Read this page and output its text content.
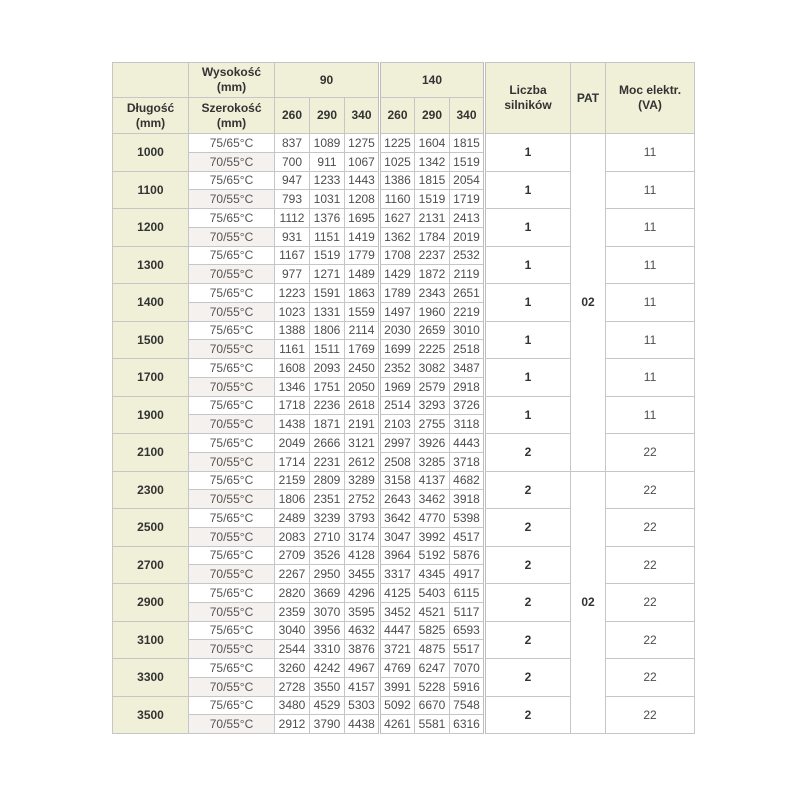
	Wysokość (mm)	90			140			Liczba silników	PAT	Moc elektr. (VA)
Długość (mm)	Szerokość (mm)	260	290	340	260	290	340			
1000	75/65°C	837	1089	1275	1225	1604	1815	1	02	11
	70/55°C	700	911	1067	1025	1342	1519			
1100	75/65°C	947	1233	1443	1386	1815	2054	1		11
	70/55°C	793	1031	1208	1160	1519	1719			
1200	75/65°C	1112	1376	1695	1627	2131	2413	1		11
	70/55°C	931	1151	1419	1362	1784	2019			
1300	75/65°C	1167	1519	1779	1708	2237	2532	1		11
	70/55°C	977	1271	1489	1429	1872	2119			
1400	75/65°C	1223	1591	1863	1789	2343	2651	1		11
	70/55°C	1023	1331	1559	1497	1960	2219			
1500	75/65°C	1388	1806	2114	2030	2659	3010	1		11
	70/55°C	1161	1511	1769	1699	2225	2518			
1700	75/65°C	1608	2093	2450	2352	3082	3487	1		11
	70/55°C	1346	1751	2050	1969	2579	2918			
1900	75/65°C	1718	2236	2618	2514	3293	3726	1		11
	70/55°C	1438	1871	2191	2103	2755	3118			
2100	75/65°C	2049	2666	3121	2997	3926	4443	2		22
	70/55°C	1714	2231	2612	2508	3285	3718			
2300	75/65°C	2159	2809	3289	3158	4137	4682	2	02	22
	70/55°C	1806	2351	2752	2643	3462	3918			
2500	75/65°C	2489	3239	3793	3642	4770	5398	2		22
	70/55°C	2083	2710	3174	3047	3992	4517			
2700	75/65°C	2709	3526	4128	3964	5192	5876	2		22
	70/55°C	2267	2950	3455	3317	4345	4917			
2900	75/65°C	2820	3669	4296	4125	5403	6115	2		22
	70/55°C	2359	3070	3595	3452	4521	5117			
3100	75/65°C	3040	3956	4632	4447	5825	6593	2		22
	70/55°C	2544	3310	3876	3721	4875	5517			
3300	75/65°C	3260	4242	4967	4769	6247	7070	2		22
	70/55°C	2728	3550	4157	3991	5228	5916			
3500	75/65°C	3480	4529	5303	5092	6670	7548	2		22
	70/55°C	2912	3790	4438	4261	5581	6316			
